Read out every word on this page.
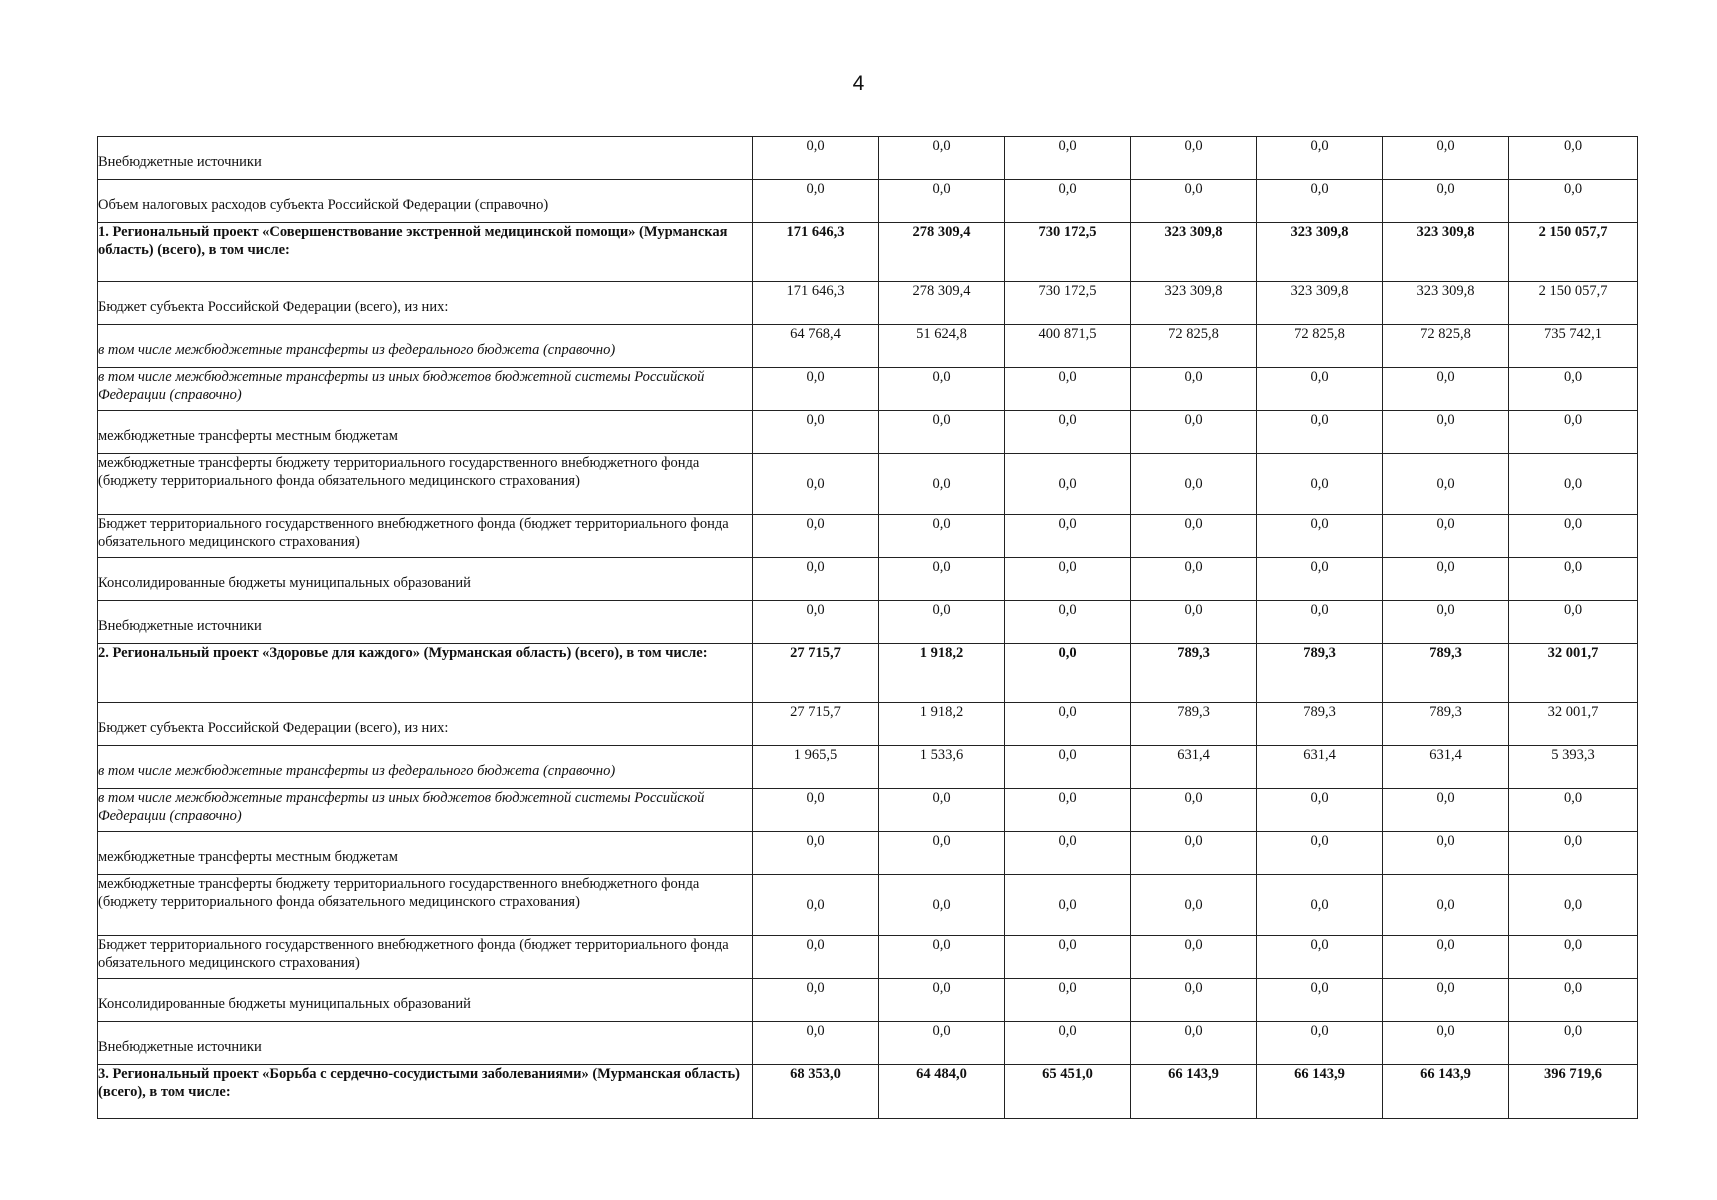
4
Внебюджетные источники	0,0	0,0	0,0	0,0	0,0	0,0	0,0
Объем налоговых расходов субъекта Российской Федерации (справочно)	0,0	0,0	0,0	0,0	0,0	0,0	0,0
1. Региональный проект «Совершенствование экстренной медицинской помощи» (Мурманская область) (всего), в том числе:	171 646,3	278 309,4	730 172,5	323 309,8	323 309,8	323 309,8	2 150 057,7
Бюджет субъекта Российской Федерации (всего), из них:	171 646,3	278 309,4	730 172,5	323 309,8	323 309,8	323 309,8	2 150 057,7
в том числе межбюджетные трансферты из федерального бюджета (справочно)	64 768,4	51 624,8	400 871,5	72 825,8	72 825,8	72 825,8	735 742,1
в том числе межбюджетные трансферты из иных бюджетов бюджетной системы Российской Федерации (справочно)	0,0	0,0	0,0	0,0	0,0	0,0	0,0
межбюджетные трансферты местным бюджетам	0,0	0,0	0,0	0,0	0,0	0,0	0,0
межбюджетные трансферты бюджету территориального государственного внебюджетного фонда (бюджету территориального фонда обязательного медицинского страхования)	0,0	0,0	0,0	0,0	0,0	0,0	0,0
Бюджет территориального государственного внебюджетного фонда (бюджет территориального фонда обязательного медицинского страхования)	0,0	0,0	0,0	0,0	0,0	0,0	0,0
Консолидированные бюджеты муниципальных образований	0,0	0,0	0,0	0,0	0,0	0,0	0,0
Внебюджетные источники	0,0	0,0	0,0	0,0	0,0	0,0	0,0
2. Региональный проект «Здоровье для каждого» (Мурманская область) (всего), в том числе:	27 715,7	1 918,2	0,0	789,3	789,3	789,3	32 001,7
Бюджет субъекта Российской Федерации (всего), из них:	27 715,7	1 918,2	0,0	789,3	789,3	789,3	32 001,7
в том числе межбюджетные трансферты из федерального бюджета (справочно)	1 965,5	1 533,6	0,0	631,4	631,4	631,4	5 393,3
в том числе межбюджетные трансферты из иных бюджетов бюджетной системы Российской Федерации (справочно)	0,0	0,0	0,0	0,0	0,0	0,0	0,0
межбюджетные трансферты местным бюджетам	0,0	0,0	0,0	0,0	0,0	0,0	0,0
межбюджетные трансферты бюджету территориального государственного внебюджетного фонда (бюджету территориального фонда обязательного медицинского страхования)	0,0	0,0	0,0	0,0	0,0	0,0	0,0
Бюджет территориального государственного внебюджетного фонда (бюджет территориального фонда обязательного медицинского страхования)	0,0	0,0	0,0	0,0	0,0	0,0	0,0
Консолидированные бюджеты муниципальных образований	0,0	0,0	0,0	0,0	0,0	0,0	0,0
Внебюджетные источники	0,0	0,0	0,0	0,0	0,0	0,0	0,0
3. Региональный проект «Борьба с сердечно-сосудистыми заболеваниями» (Мурманская область) (всего), в том числе:	68 353,0	64 484,0	65 451,0	66 143,9	66 143,9	66 143,9	396 719,6
